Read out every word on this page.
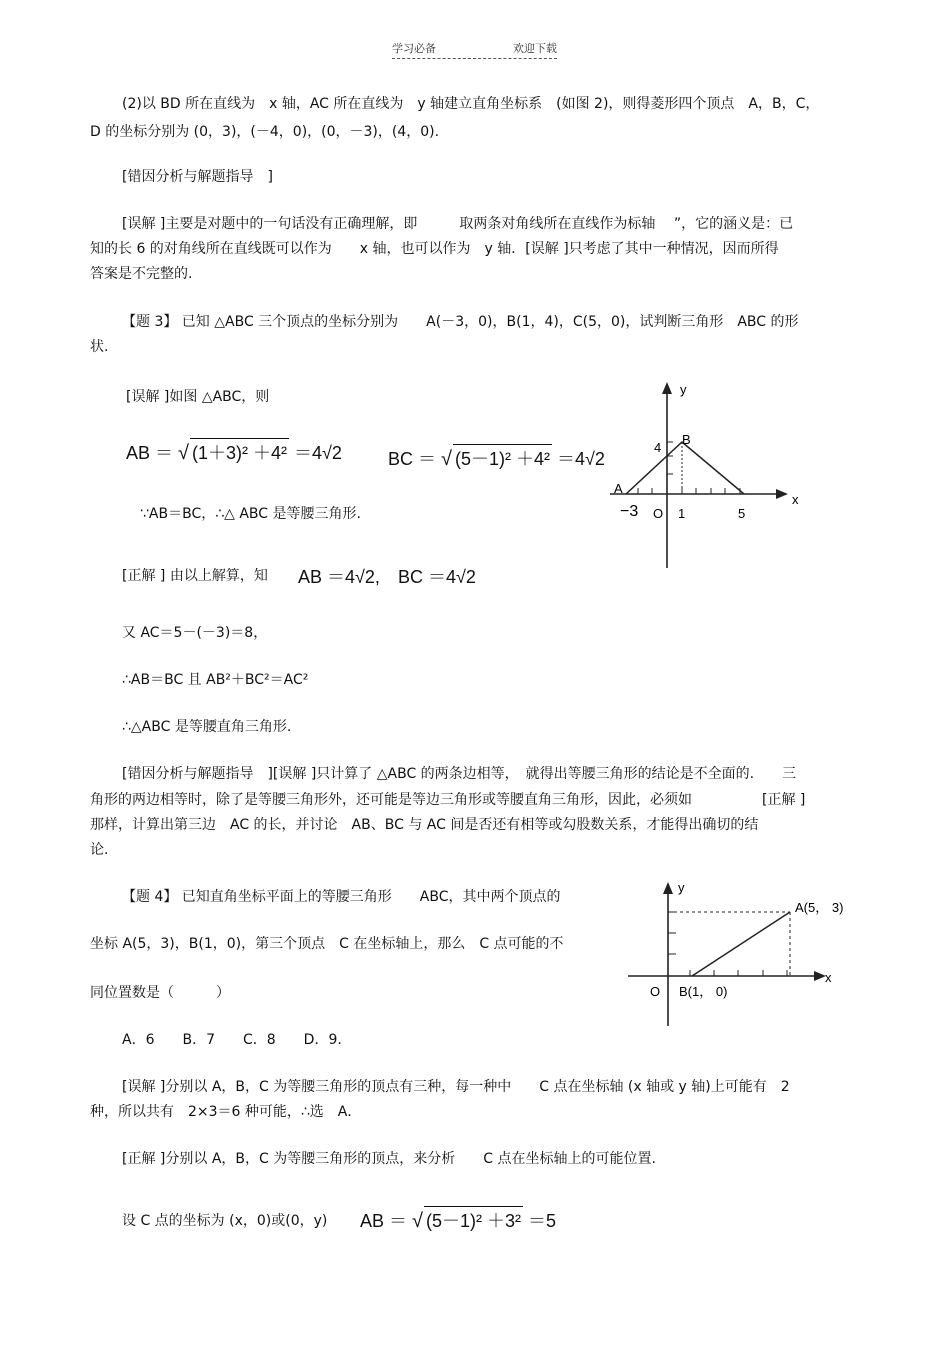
学习必备	欢迎下载
(2)以 BD 所在直线为　x 轴，AC 所在直线为　y 轴建立直角坐标系　(如图 2)，则得菱形四个顶点　A，B，C，
D 的坐标分别为 (0，3)，(－4，0)，(0，－3)，(4，0).
[错因分析与解题指导　]
[误解 ]主要是对题中的一句话没有正确理解，即　　　取两条对角线所在直线作为标轴　 ”，它的涵义是：已
知的长 6 的对角线所在直线既可以作为　　x 轴，也可以作为　y 轴．[误解 ]只考虑了其中一种情况，因而所得
答案是不完整的.
【题 3】 已知 △ABC 三个顶点的坐标分别为　　A(－3，0)，B(1，4)，C(5，0)，试判断三角形　ABC 的形
状.
[误解 ]如图 △ABC，则
AB ＝ √ (1＋3)² ＋4² ＝4√2	BC ＝ √ (5－1)² ＋4² ＝4√2
∵AB＝BC，∴△ ABC 是等腰三角形.
[正解 ] 由以上解算，知 AB ＝4√2, BC ＝4√2
又 AC＝5－(－3)＝8，
∴AB＝BC 且 AB²＋BC²＝AC²
∴△ABC 是等腰直角三角形.
[错因分析与解题指导　][误解 ]只计算了 △ABC 的两条边相等，　就得出等腰三角形的结论是不全面的.　　三
角形的两边相等时，除了是等腰三角形外，还可能是等边三角形或等腰直角三角形，因此，必须如　　　　　[正解 ]
那样，计算出第三边　AC 的长，并讨论　AB、BC 与 AC 间是否还有相等或勾股数关系，才能得出确切的结
论.
【题 4】 已知直角坐标平面上的等腰三角形　　ABC，其中两个顶点的
坐标 A(5，3)，B(1，0)，第三个顶点　C 在坐标轴上，那么　C 点可能的不
同位置数是（　　　）
A．6　　B．7　　C．8　　D．9.
[误解 ]分别以 A，B，C 为等腰三角形的顶点有三种，每一种中　　C 点在坐标轴 (x 轴或 y 轴)上可能有　2
种，所以共有　2×3＝6 种可能，∴选　A．
[正解 ]分别以 A，B，C 为等腰三角形的顶点，来分析　　C 点在坐标轴上的可能位置.
设 C 点的坐标为 (x，0)或(0，y) AB ＝ √ (5－1)² ＋3² ＝5
y
x
4
B
A
−3 O 1	5
y
x
A(5， 3)
O B(1， 0)
